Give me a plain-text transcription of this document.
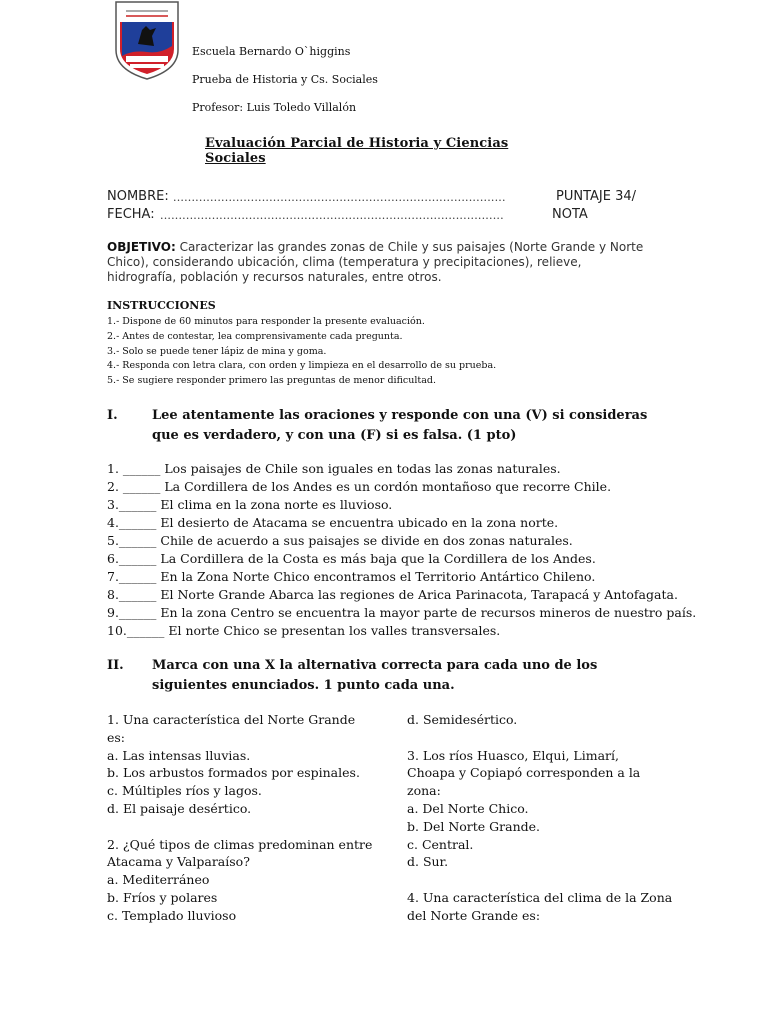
Escuela Bernardo O`higgins
Prueba de Historia y Cs. Sociales
Profesor: Luis Toledo Villalón
Evaluación Parcial de Historia y Ciencias Sociales
NOMBRE: ..........................................................................................	PUNTAJE 34/
FECHA: .............................................................................................	NOTA
OBJETIVO: Caracterizar las grandes zonas de Chile y sus paisajes (Norte Grande y Norte Chico), considerando ubicación, clima (temperatura y precipitaciones), relieve, hidrografía, población y recursos naturales, entre otros.
INSTRUCCIONES
1.- Dispone de 60 minutos para responder la presente evaluación.
2.- Antes de contestar, lea comprensivamente cada pregunta.
3.- Solo se puede tener lápiz de mina y goma.
4.- Responda con letra clara, con orden y limpieza en el desarrollo de su prueba.
5.- Se sugiere responder primero las preguntas de menor dificultad.
I.	Lee atentamente las oraciones y responde con una (V) si consideras que es verdadero, y con una (F) si es falsa. (1 pto)
1. ______ Los paisajes de Chile son iguales en todas las zonas naturales.
2. ______ La Cordillera de los Andes es un cordón montañoso que recorre Chile.
3.______ El clima en la zona norte es lluvioso.
4.______ El desierto de Atacama se encuentra ubicado en la zona norte.
5.______ Chile de acuerdo a sus paisajes se divide en dos zonas naturales.
6.______ La Cordillera de la Costa es más baja que la Cordillera de los Andes.
7.______ En la Zona Norte Chico encontramos el Territorio Antártico Chileno.
8.______ El Norte Grande Abarca las regiones de Arica Parinacota, Tarapacá y Antofagata.
9.______ En la zona Centro se encuentra la mayor parte de recursos mineros de nuestro país.
10.______ El norte Chico se presentan los valles transversales.
II. Marca con una X la alternativa correcta para cada uno de los siguientes enunciados. 1 punto cada una.
1. Una característica del Norte Grande
es:
a. Las intensas lluvias.
b. Los arbustos formados por espinales.
c. Múltiples ríos y lagos.
d. El paisaje desértico.
2. ¿Qué tipos de climas predominan entre
Atacama y Valparaíso?
a. Mediterráneo
b. Fríos y polares
c. Templado lluvioso
d. Semidesértico.
3. Los ríos Huasco, Elqui, Limarí,
Choapa y Copiapó corresponden a la
zona:
a. Del Norte Chico.
b. Del Norte Grande.
c. Central.
d. Sur.
4. Una característica del clima de la Zona
del Norte Grande es:
